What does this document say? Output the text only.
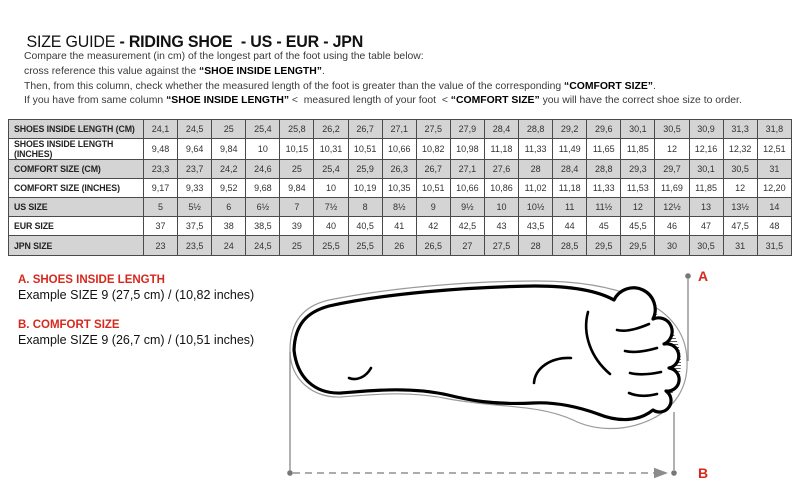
SIZE GUIDE - RIDING SHOE  - US - EUR - JPN

Compare the measurement (in cm) of the longest part of the foot using the table below:
cross reference this value against the “SHOE INSIDE LENGTH”.
Then, from this column, check whether the measured length of the foot is greater than the value of the corresponding “COMFORT SIZE”.
If you have from same column “SHOE INSIDE LENGTH” <  measured length of your foot  < “COMFORT SIZE” you will have the correct shoe size to order.
SHOES INSIDE LENGTH (CM)	24,1	24,5	25	25,4	25,8	26,2	26,7	27,1	27,5	27,9	28,4	28,8	29,2	29,6	30,1	30,5	30,9	31,3	31,8
SHOES INSIDE LENGTH (INCHES)	9,48	9,64	9,84	10	10,15	10,31	10,51	10,66	10,82	10,98	11,18	11,33	11,49	11,65	11,85	12	12,16	12,32	12,51
COMFORT SIZE (CM)	23,3	23,7	24,2	24,6	25	25,4	25,9	26,3	26,7	27,1	27,6	28	28,4	28,8	29,3	29,7	30,1	30,5	31
COMFORT SIZE (INCHES)	9,17	9,33	9,52	9,68	9,84	10	10,19	10,35	10,51	10,66	10,86	11,02	11,18	11,33	11,53	11,69	11,85	12	12,20
US SIZE	5	5½	6	6½	7	7½	8	8½	9	9½	10	10½	11	11½	12	12½	13	13½	14
EUR SIZE	37	37,5	38	38,5	39	40	40,5	41	42	42,5	43	43,5	44	45	45,5	46	47	47,5	48
JPN SIZE	23	23,5	24	24,5	25	25,5	25,5	26	26,5	27	27,5	28	28,5	29,5	29,5	30	30,5	31	31,5
A. SHOES INSIDE LENGTH
Example SIZE 9 (27,5 cm) / (10,82 inches)
B. COMFORT SIZE
Example SIZE 9 (26,7 cm) / (10,51 inches)
A
B
